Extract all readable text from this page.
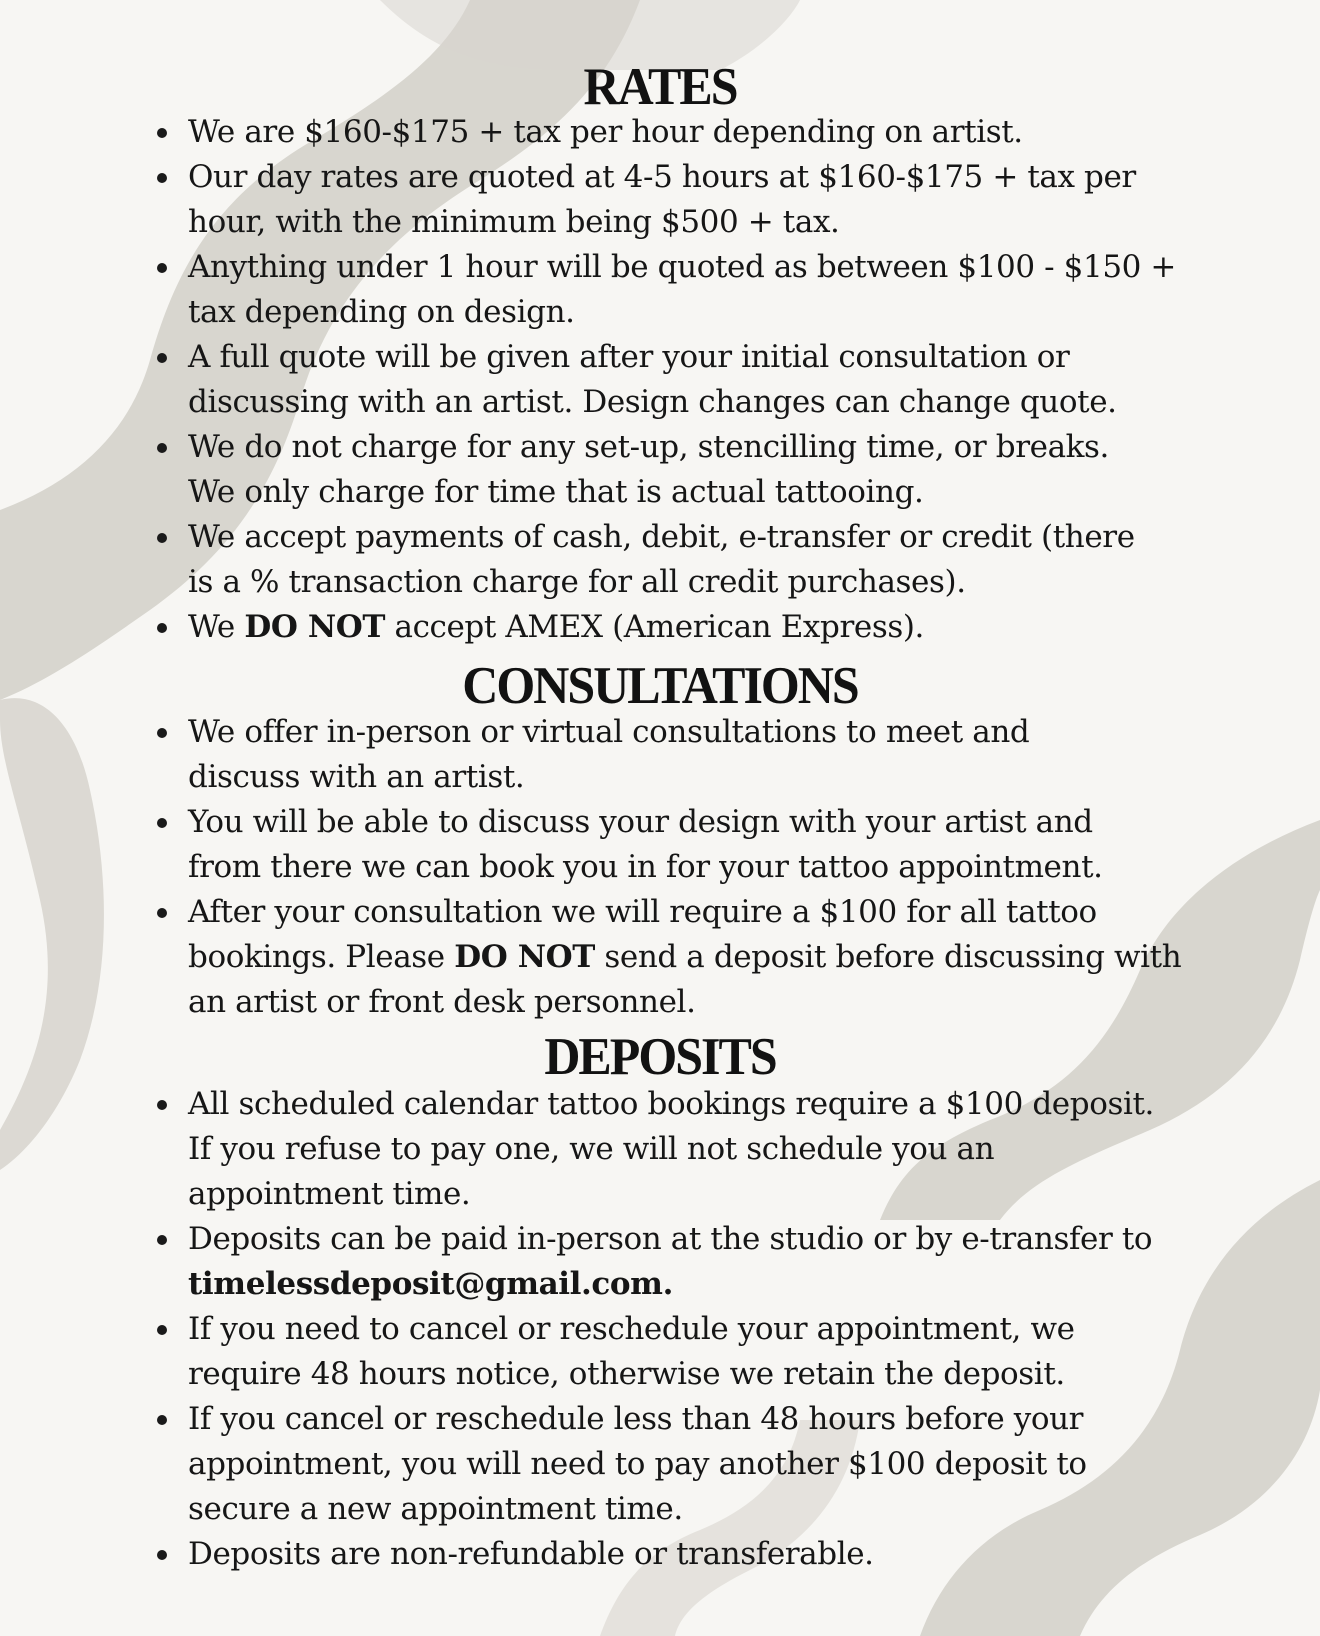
RATES
We are $160-$175 + tax per hour depending on artist.
Our day rates are quoted at 4-5 hours at $160-$175 + tax per
hour, with the minimum being $500 + tax.
Anything under 1 hour will be quoted as between $100 - $150 +
tax depending on design.
A full quote will be given after your initial consultation or
discussing with an artist. Design changes can change quote.
We do not charge for any set-up, stencilling time, or breaks.
We only charge for time that is actual tattooing.
We accept payments of cash, debit, e-transfer or credit (there
is a % transaction charge for all credit purchases).
We DO NOT accept AMEX (American Express).
CONSULTATIONS
We offer in-person or virtual consultations to meet and
discuss with an artist.
You will be able to discuss your design with your artist and
from there we can book you in for your tattoo appointment.
After your consultation we will require a $100 for all tattoo
bookings. Please DO NOT send a deposit before discussing with
an artist or front desk personnel.
DEPOSITS
All scheduled calendar tattoo bookings require a $100 deposit.
If you refuse to pay one, we will not schedule you an
appointment time.
Deposits can be paid in-person at the studio or by e-transfer to
timelessdeposit@gmail.com.
If you need to cancel or reschedule your appointment, we
require 48 hours notice, otherwise we retain the deposit.
If you cancel or reschedule less than 48 hours before your
appointment, you will need to pay another $100 deposit to
secure a new appointment time.
Deposits are non-refundable or transferable.
